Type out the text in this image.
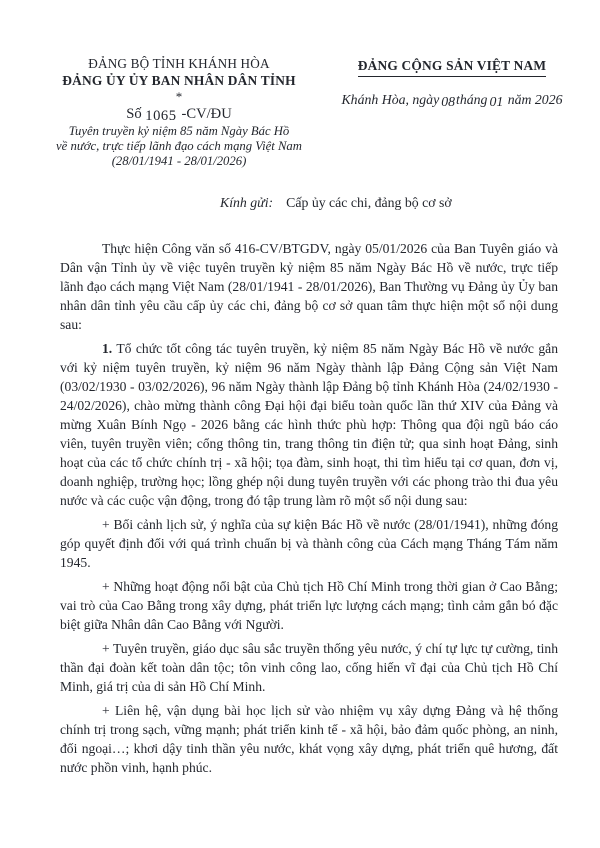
ĐẢNG BỘ TỈNH KHÁNH HÒA
ĐẢNG ỦY ỦY BAN NHÂN DÂN TỈNH
*
Số 1065 -CV/ĐU
Tuyên truyền kỷ niệm 85 năm Ngày Bác Hồ
về nước, trực tiếp lãnh đạo cách mạng Việt Nam
(28/01/1941 - 28/01/2026)
ĐẢNG CỘNG SẢN VIỆT NAM
Khánh Hòa, ngày 08tháng 01 năm 2026
Kính gửi: Cấp ủy các chi, đảng bộ cơ sở

Thực hiện Công văn số 416-CV/BTGDV, ngày 05/01/2026 của Ban Tuyên giáo và Dân vận Tỉnh ủy về việc tuyên truyền kỷ niệm 85 năm Ngày Bác Hồ về nước, trực tiếp lãnh đạo cách mạng Việt Nam (28/01/1941 - 28/01/2026), Ban Thường vụ Đảng ủy Ủy ban nhân dân tỉnh yêu cầu cấp ủy các chi, đảng bộ cơ sở quan tâm thực hiện một số nội dung sau:

1. Tổ chức tốt công tác tuyên truyền, kỷ niệm 85 năm Ngày Bác Hồ về nước gắn với kỷ niệm tuyên truyền, kỷ niệm 96 năm Ngày thành lập Đảng Cộng sản Việt Nam (03/02/1930 - 03/02/2026), 96 năm Ngày thành lập Đảng bộ tỉnh Khánh Hòa (24/02/1930 - 24/02/2026), chào mừng thành công Đại hội đại biểu toàn quốc lần thứ XIV của Đảng và mừng Xuân Bính Ngọ - 2026 bằng các hình thức phù hợp: Thông qua đội ngũ báo cáo viên, tuyên truyền viên; cổng thông tin, trang thông tin điện tử; qua sinh hoạt Đảng, sinh hoạt của các tổ chức chính trị - xã hội; tọa đàm, sinh hoạt, thi tìm hiểu tại cơ quan, đơn vị, doanh nghiệp, trường học; lồng ghép nội dung tuyên truyền với các phong trào thi đua yêu nước và các cuộc vận động, trong đó tập trung làm rõ một số nội dung sau:

+ Bối cảnh lịch sử, ý nghĩa của sự kiện Bác Hồ về nước (28/01/1941), những đóng góp quyết định đối với quá trình chuẩn bị và thành công của Cách mạng Tháng Tám năm 1945.

+ Những hoạt động nổi bật của Chủ tịch Hồ Chí Minh trong thời gian ở Cao Bằng; vai trò của Cao Bằng trong xây dựng, phát triển lực lượng cách mạng; tình cảm gắn bó đặc biệt giữa Nhân dân Cao Bằng với Người.

+ Tuyên truyền, giáo dục sâu sắc truyền thống yêu nước, ý chí tự lực tự cường, tinh thần đại đoàn kết toàn dân tộc; tôn vinh công lao, cống hiến vĩ đại của Chủ tịch Hồ Chí Minh, giá trị của di sản Hồ Chí Minh.

+ Liên hệ, vận dụng bài học lịch sử vào nhiệm vụ xây dựng Đảng và hệ thống chính trị trong sạch, vững mạnh; phát triển kinh tế - xã hội, bảo đảm quốc phòng, an ninh, đối ngoại…; khơi dậy tinh thần yêu nước, khát vọng xây dựng, phát triển quê hương, đất nước phồn vinh, hạnh phúc.
